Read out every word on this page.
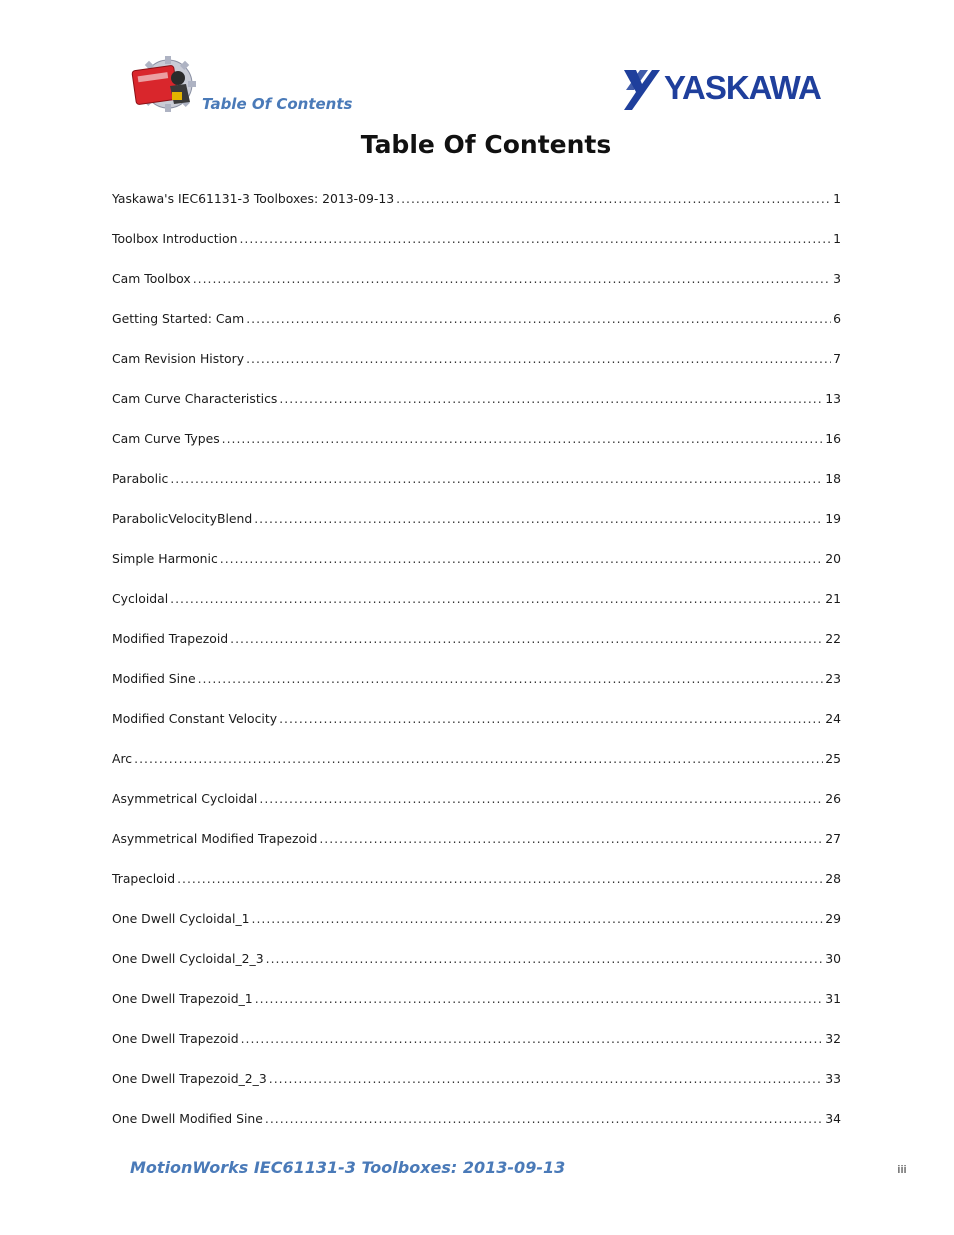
Table Of Contents	YASKAWA
Table Of Contents
Yaskawa's IEC61131-3 Toolboxes: 2013-09-13 .....	1
Toolbox Introduction .....	1
Cam Toolbox .....	3
Getting Started: Cam .....	6
Cam Revision History .....	7
Cam Curve Characteristics .....	13
Cam Curve Types .....	16
Parabolic .....	18
ParabolicVelocityBlend .....	19
Simple Harmonic .....	20
Cycloidal .....	21
Modified Trapezoid .....	22
Modified Sine .....	23
Modified Constant Velocity .....	24
Arc .....	25
Asymmetrical Cycloidal .....	26
Asymmetrical Modified Trapezoid .....	27
Trapecloid .....	28
One Dwell Cycloidal_1 .....	29
One Dwell Cycloidal_2_3 .....	30
One Dwell Trapezoid_1 .....	31
One Dwell Trapezoid .....	32
One Dwell Trapezoid_2_3 .....	33
One Dwell Modified Sine .....	34
MotionWorks IEC61131-3 Toolboxes: 2013-09-13	iii
